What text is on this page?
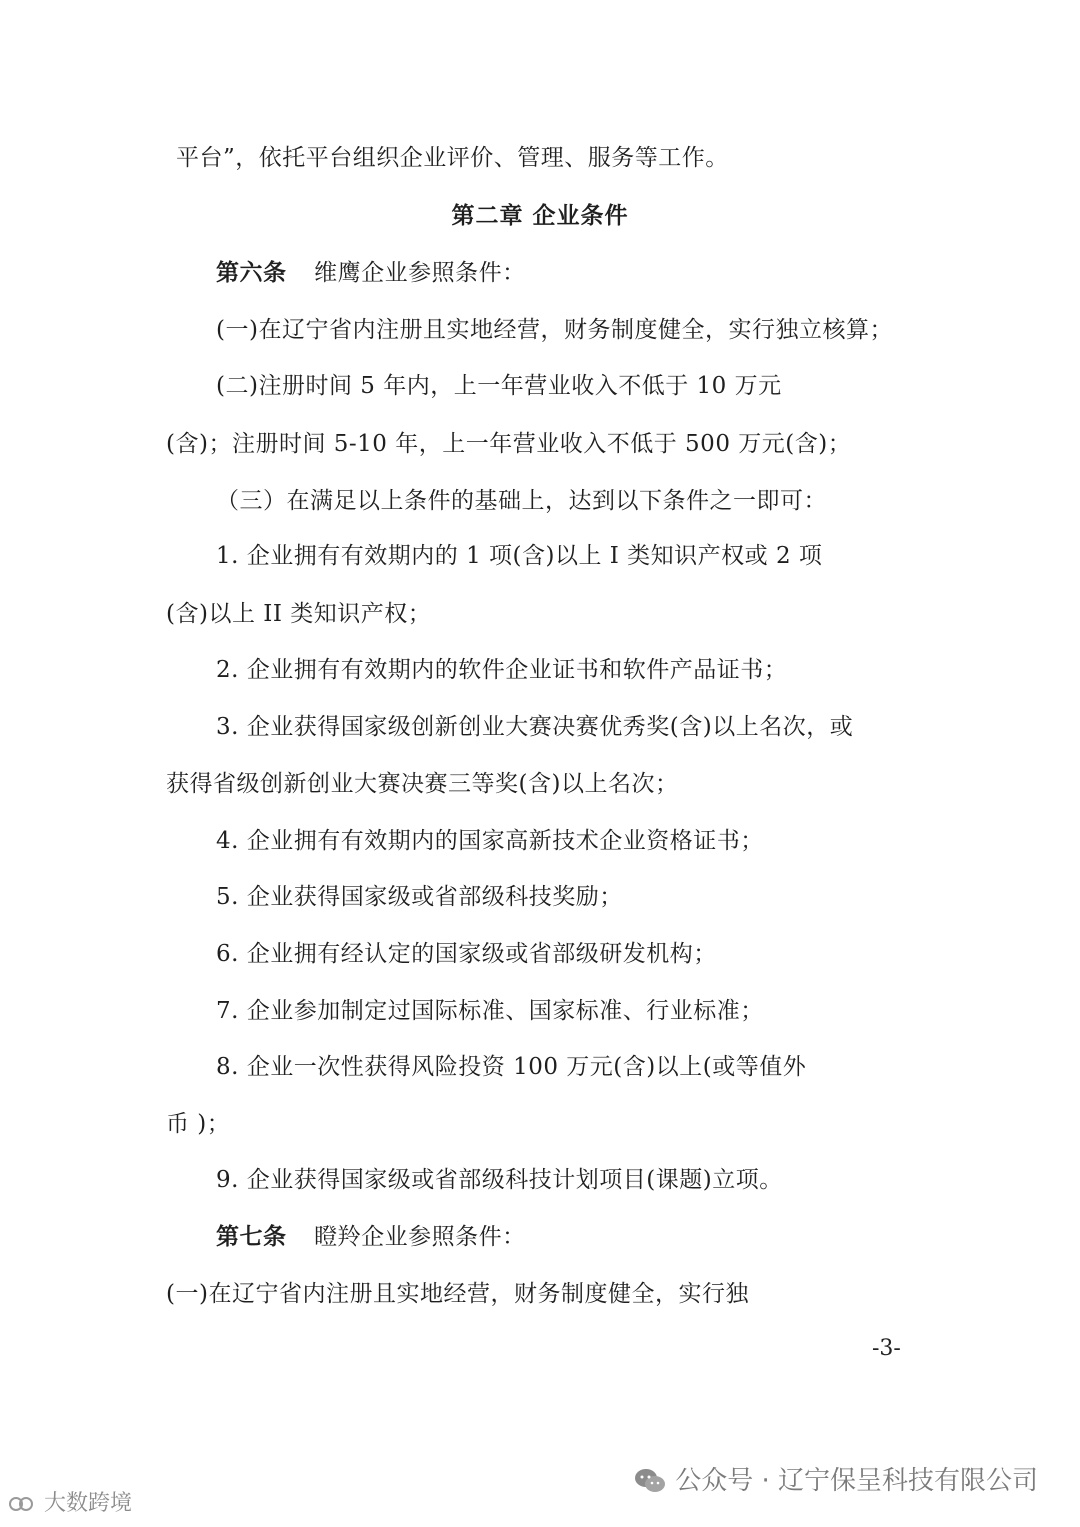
平台”，依托平台组织企业评价、管理、服务等工作。
第二章 企业条件
第六条 维鹰企业参照条件：
(一)在辽宁省内注册且实地经营，财务制度健全，实行独立核算；
(二)注册时间 5 年内，上一年营业收入不低于 10 万元
(含)；注册时间 5-10 年，上一年营业收入不低于 500 万元(含)；
（三）在满足以上条件的基础上，达到以下条件之一即可：
1. 企业拥有有效期内的 1 项(含)以上 I 类知识产权或 2 项
(含)以上 II 类知识产权；
2. 企业拥有有效期内的软件企业证书和软件产品证书；
3. 企业获得国家级创新创业大赛决赛优秀奖(含)以上名次，或
获得省级创新创业大赛决赛三等奖(含)以上名次；
4. 企业拥有有效期内的国家高新技术企业资格证书；
5. 企业获得国家级或省部级科技奖励；
6. 企业拥有经认定的国家级或省部级研发机构；
7. 企业参加制定过国际标准、国家标准、行业标准；
8. 企业一次性获得风险投资 100 万元(含)以上(或等值外
币 )；
9. 企业获得国家级或省部级科技计划项目(课题)立项。
第七条 瞪羚企业参照条件：
(一)在辽宁省内注册且实地经营，财务制度健全，实行独
-3-
公众号 · 辽宁保呈科技有限公司
大数跨境
